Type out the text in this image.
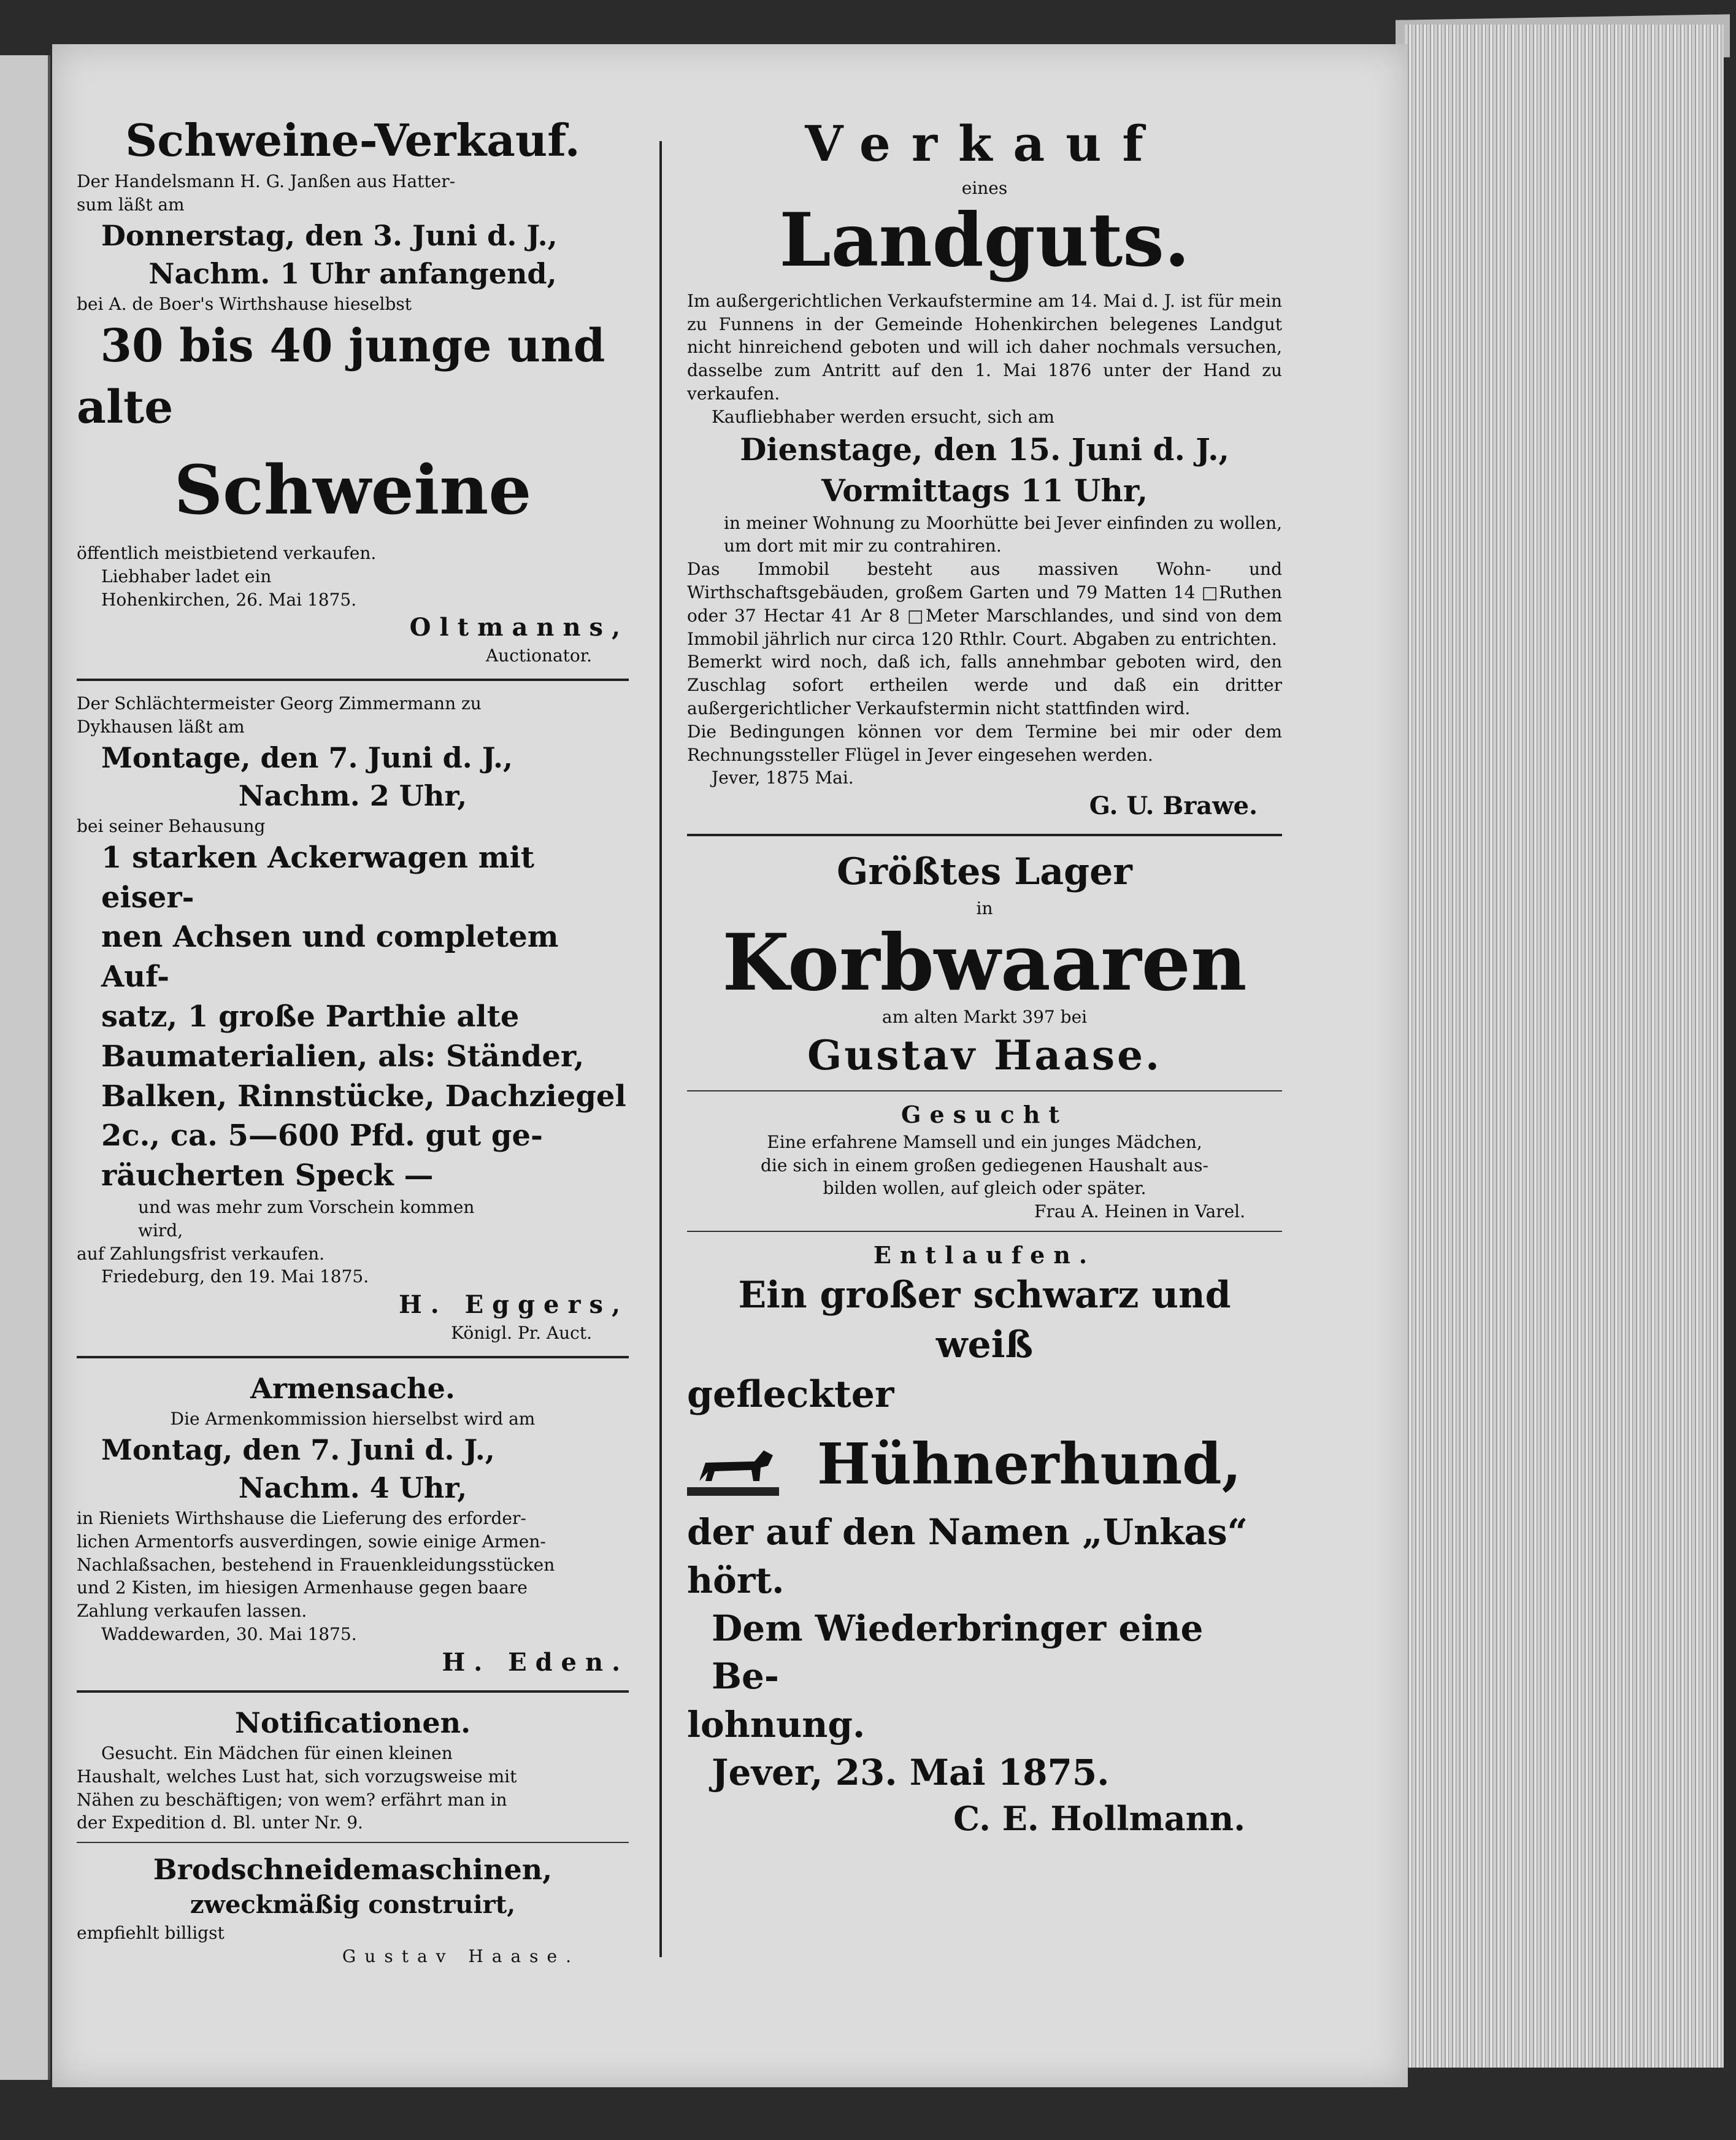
Schweine-Verkauf.

Der Handelsmann H. G. Janßen aus Hatter-

sum läßt am

Donnerstag, den 3. Juni d. J.,

Nachm. 1 Uhr anfangend,

bei A. de Boer's Wirthshause hieselbst

30 bis 40 junge und

alte

Schweine

öffentlich meistbietend verkaufen.

Liebhaber ladet ein

Hohenkirchen, 26. Mai 1875.

Oltmanns,

Auctionator.

Der Schlächtermeister Georg Zimmermann zu

Dykhausen läßt am

Montage, den 7. Juni d. J.,

Nachm. 2 Uhr,

bei seiner Behausung

1 starken Ackerwagen mit eiser-

nen Achsen und completem Auf-

satz, 1 große Parthie alte

Baumaterialien, als: Ständer,

Balken, Rinnstücke, Dachziegel

2c., ca. 5—600 Pfd. gut ge-

räucherten Speck —

und was mehr zum Vorschein kommen

wird,

auf Zahlungsfrist verkaufen.

Friedeburg, den 19. Mai 1875.

H. Eggers,

Königl. Pr. Auct.

Armensache.

Die Armenkommission hierselbst wird am

Montag, den 7. Juni d. J.,

Nachm. 4 Uhr,

in Rieniets Wirthshause die Lieferung des erforder-

lichen Armentorfs ausverdingen, sowie einige Armen-

Nachlaßsachen, bestehend in Frauenkleidungsstücken

und 2 Kisten, im hiesigen Armenhause gegen baare

Zahlung verkaufen lassen.

Waddewarden, 30. Mai 1875.

H. Eden.

Notificationen.

Gesucht. Ein Mädchen für einen kleinen

Haushalt, welches Lust hat, sich vorzugsweise mit

Nähen zu beschäftigen; von wem? erfährt man in

der Expedition d. Bl. unter Nr. 9.

Brodschneidemaschinen,

zweckmäßig construirt,

empfiehlt billigst

Gustav Haase.

Verkauf

eines

Landguts.

Im außergerichtlichen Verkaufstermine am 14. Mai d. J. ist für mein zu Funnens in der Gemeinde Hohenkirchen belegenes Landgut nicht hinreichend geboten und will ich daher nochmals versuchen, dasselbe zum Antritt auf den 1. Mai 1876 unter der Hand zu verkaufen.

Kaufliebhaber werden ersucht, sich am

Dienstage, den 15. Juni d. J.,

Vormittags 11 Uhr,

in meiner Wohnung zu Moorhütte bei Jever einfinden zu wollen, um dort mit mir zu contrahiren.

Das Immobil besteht aus massiven Wohn- und Wirthschaftsgebäuden, großem Garten und 79 Matten 14 □Ruthen oder 37 Hectar 41 Ar 8 □Meter Marschlandes, und sind von dem Immobil jährlich nur circa 120 Rthlr. Court. Abgaben zu entrichten.

Bemerkt wird noch, daß ich, falls annehmbar geboten wird, den Zuschlag sofort ertheilen werde und daß ein dritter außergerichtlicher Verkaufstermin nicht stattfinden wird.

Die Bedingungen können vor dem Termine bei mir oder dem Rechnungssteller Flügel in Jever eingesehen werden.

Jever, 1875 Mai.

G. U. Brawe.

Größtes Lager

in

Korbwaaren

am alten Markt 397 bei

Gustav Haase.

Gesucht

Eine erfahrene Mamsell und ein junges Mädchen,

die sich in einem großen gediegenen Haushalt aus-

bilden wollen, auf gleich oder später.

Frau A. Heinen in Varel.

Entlaufen.

Ein großer schwarz und weiß

gefleckter

Hühnerhund,

der auf den Namen „Unkas“

hört.

Dem Wiederbringer eine Be-

lohnung.

Jever, 23. Mai 1875.

C. E. Hollmann.
